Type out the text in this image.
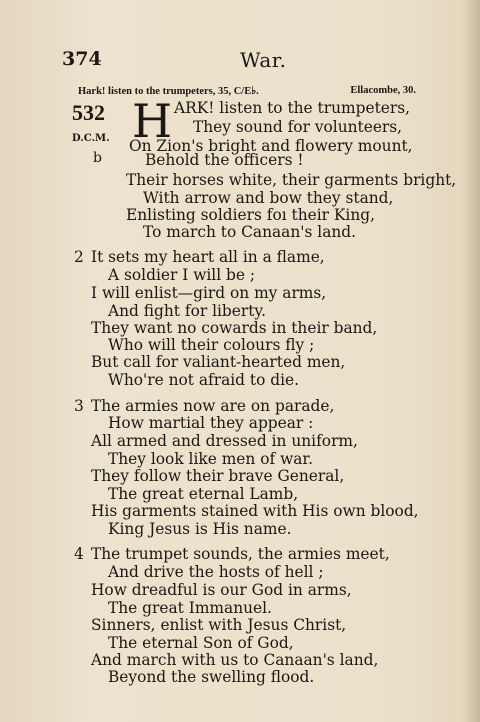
374	War.
Hark! listen to the trumpeters, 35, C/E♭.	Ellacombe, 30.
532
D.C.M.
b
H ARK! listen to the trumpeters,
They sound for volunteers,
On Zion's bright and flowery mount,
Behold the officers !
Their horses white, their garments bright,
With arrow and bow they stand,
Enlisting soldiers foı their King,
To march to Canaan's land.
2 It sets my heart all in a flame,
A soldier I will be ;
I will enlist—gird on my arms,
And fight for liberty.
They want no cowards in their band,
Who will their colours fly ;
But call for valiant-hearted men,
Who're not afraid to die.
3 The armies now are on parade,
How martial they appear :
All armed and dressed in uniform,
They look like men of war.
They follow their brave General,
The great eternal Lamb,
His garments stained with His own blood,
King Jesus is His name.
4 The trumpet sounds, the armies meet,
And drive the hosts of hell ;
How dreadful is our God in arms,
The great Immanuel.
Sinners, enlist with Jesus Christ,
The eternal Son of God,
And march with us to Canaan's land,
Beyond the swelling flood.
